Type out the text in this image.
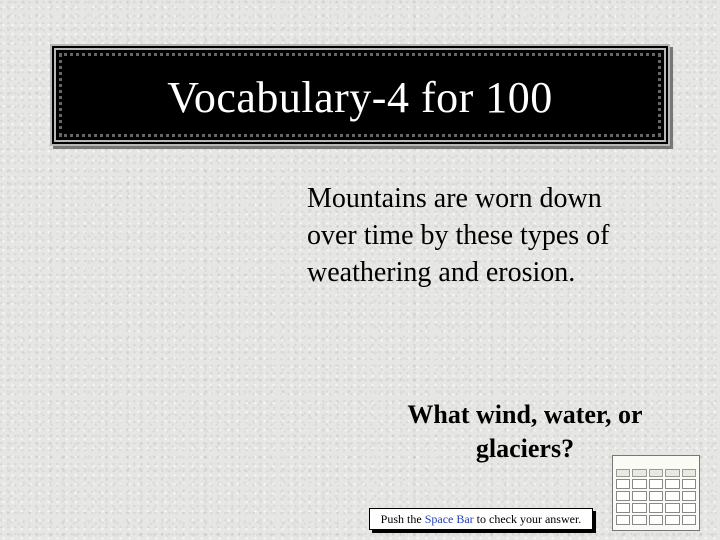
Vocabulary-4 for 100
Mountains are worn down over time by these types of weathering and erosion.
What wind, water, or glaciers?
Push the Space Bar to check your answer.
